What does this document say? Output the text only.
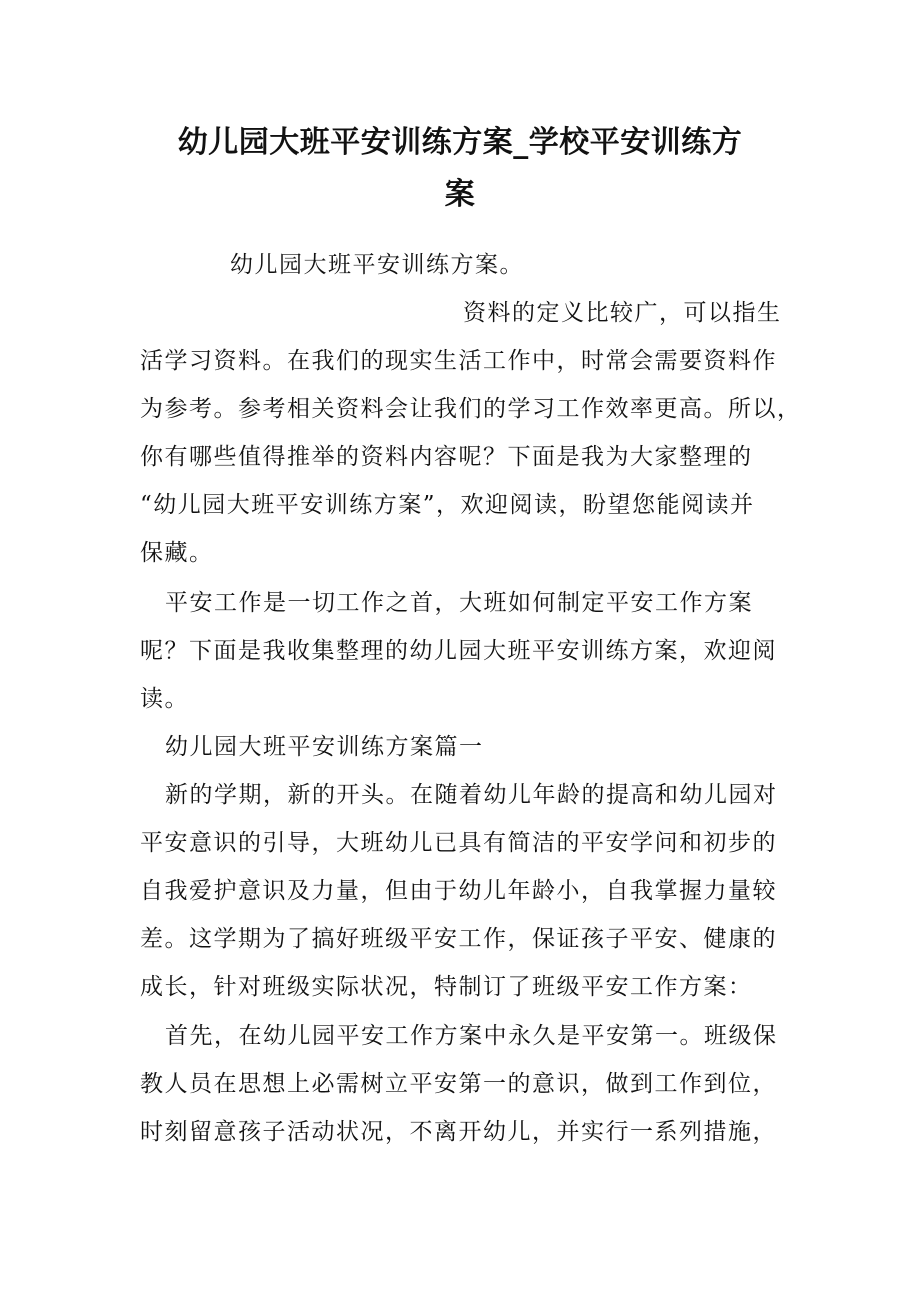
幼儿园大班平安训练方案_学校平安训练方
案

幼儿园大班平安训练方案。

资料的定义比较广，可以指生
活学习资料。在我们的现实生活工作中，时常会需要资料作
为参考。参考相关资料会让我们的学习工作效率更高。所以，
你有哪些值得推举的资料内容呢？下面是我为大家整理的
“幼儿园大班平安训练方案”，欢迎阅读，盼望您能阅读并
保藏。
平安工作是一切工作之首，大班如何制定平安工作方案
呢？下面是我收集整理的幼儿园大班平安训练方案，欢迎阅
读。

幼儿园大班平安训练方案篇一

新的学期，新的开头。在随着幼儿年龄的提高和幼儿园对
平安意识的引导，大班幼儿已具有简洁的平安学问和初步的
自我爱护意识及力量，但由于幼儿年龄小，自我掌握力量较
差。这学期为了搞好班级平安工作，保证孩子平安、健康的
成长，针对班级实际状况，特制订了班级平安工作方案：
首先，在幼儿园平安工作方案中永久是平安第一。班级保
教人员在思想上必需树立平安第一的意识，做到工作到位，
时刻留意孩子活动状况，不离开幼儿，并实行一系列措施，
